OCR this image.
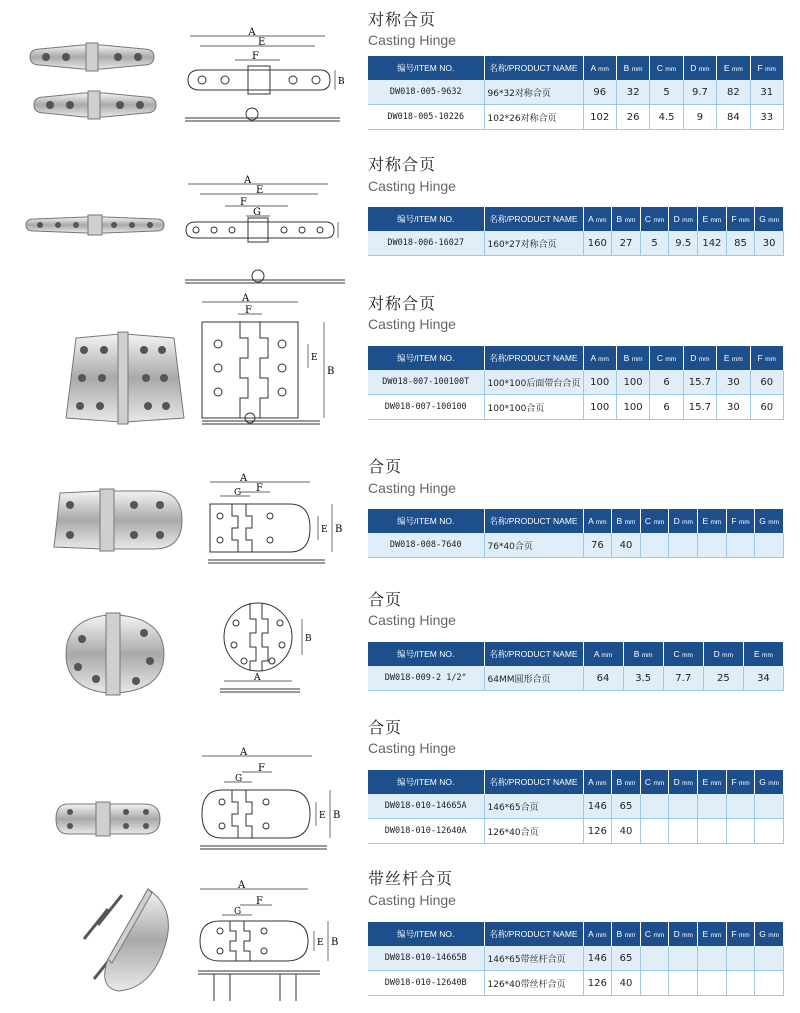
A
E
F
B
对称合页
Casting Hinge
编号/ITEM NO.	名称/PRODUCT NAME	A mm	B mm	C mm	D mm	E mm	F mm
DW018-005-9632	96*32对称合页	96	32	5	9.7	82	31
DW018-005-10226	102*26对称合页	102	26	4.5	9	84	33
A
E
F
G
对称合页
Casting Hinge
编号/ITEM NO.	名称/PRODUCT NAME	A mm	B mm	C mm	D mm	E mm	F mm	G mm
DW018-006-16027	160*27对称合页	160	27	5	9.5	142	85	30
A
F
E
B
对称合页
Casting Hinge
编号/ITEM NO.	名称/PRODUCT NAME	A mm	B mm	C mm	D mm	E mm	F mm
DW018-007-100100T	100*100后面带台合页	100	100	6	15.7	30	60
DW018-007-100100	100*100合页	100	100	6	15.7	30	60
A
G F
E B
合页
Casting Hinge
编号/ITEM NO.	名称/PRODUCT NAME	A mm	B mm	C mm	D mm	E mm	F mm	G mm
DW018-008-7640	76*40合页	76	40					
B
A
合页
Casting Hinge
编号/ITEM NO.	名称/PRODUCT NAME	A mm	B mm	C mm	D mm	E mm
DW018-009-2 1/2"	64MM圆形合页	64	3.5	7.7	25	34
A
G
F
E B
合页
Casting Hinge
编号/ITEM NO.	名称/PRODUCT NAME	A mm	B mm	C mm	D mm	E mm	F mm	G mm
DW018-010-14665A	146*65合页	146	65					
DW018-010-12640A	126*40合页	126	40					
A
G
F
E B
带丝杆合页
Casting Hinge
编号/ITEM NO.	名称/PRODUCT NAME	A mm	B mm	C mm	D mm	E mm	F mm	G mm
DW018-010-14665B	146*65带丝杆合页	146	65					
DW018-010-12640B	126*40带丝杆合页	126	40					
